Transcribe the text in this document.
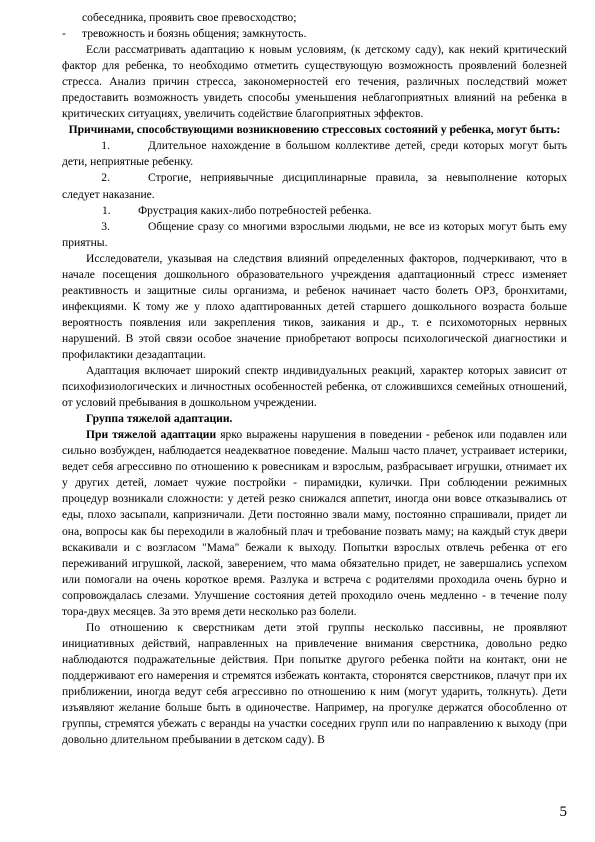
собеседника, проявить свое превосходство;

-	тревожность и боязнь общения; замкнутость.

Если рассматривать адаптацию к новым условиям, (к детскому саду), как некий критический фактор для ребенка, то необходимо отметить существующую возможность проявлений болезней стресса. Анализ причин стресса, закономерностей его течения, различных последствий может предоставить возможность увидеть способы уменьшения неблагоприятных влияний на ребенка в критических ситуациях, увеличить содействие благоприятных эффектов.

Причинами, способствующими возникновению стрессовых состояний у ребенка, могут быть:

1.	Длительное нахождение в большом коллективе детей, среди которых могут быть дети, неприятные ребенку.

2.	Строгие, неприявычные дисциплинарные правила, за невыполнение которых следует наказание.

1. Фрустрация каких-либо потребностей ребенка.

3.	Общение сразу со многими взрослыми людьми, не все из которых могут быть ему приятны.

Исследователи, указывая на следствия влияний определенных факторов, подчеркивают, что в начале посещения дошкольного образовательного учреждения адаптационный стресс изменяет реактивность и защитные силы организма, и ребенок начинает часто болеть ОРЗ, бронхитами, инфекциями. К тому же у плохо адаптированных детей старшего дошкольного возраста больше вероятность появления или закрепления тиков, заикания и др., т. е психомоторных нервных нарушений. В этой связи особое значение приобретают вопросы психологической диагностики и профилактики дезадаптации.

Адаптация включает широкий спектр индивидуальных реакций, характер которых зависит от психофизиологических и личностных особенностей ребенка, от сложившихся семейных отношений, от условий пребывания в дошкольном учреждении.

Группа тяжелой адаптации.

При тяжелой адаптации ярко выражены нарушения в поведении - ребенок или подавлен или сильно возбужден, наблюдается неадекватное поведение. Малыш часто плачет, устраивает истерики, ведет себя агрессивно по отношению к ровесникам и взрослым, разбрасывает игрушки, отнимает их у других детей, ломает чужие постройки - пирамидки, кулички. При соблюдении режимных процедур возникали сложности: у детей резко снижался аппетит, иногда они вовсе отказывались от еды, плохо засыпали, капризничали. Дети постоянно звали маму, постоянно спрашивали, придет ли она, вопросы как бы переходили в жалобный плач и требование позвать маму; на каждый стук двери вскакивали и с возгласом "Мама" бежали к выходу. Попытки взрослых отвлечь ребенка от его переживаний игрушкой, лаской, заверением, что мама обязательно придет, не завершались успехом или помогали на очень короткое время. Разлука и встреча с родителями проходила очень бурно и сопровождалась слезами. Улучшение состояния детей проходило очень медленно - в течение полу тора-двух месяцев. За это время дети несколько раз болели.

По отношению к сверстникам дети этой группы несколько пассивны, не проявляют инициативных действий, направленных на привлечение внимания сверстника, довольно редко наблюдаются подражательные действия. При попытке другого ребенка пойти на контакт, они не поддерживают его намерения и стремятся избежать контакта, сторонятся сверстников, плачут при их приближении, иногда ведут себя агрессивно по отношению к ним (могут ударить, толкнуть). Дети изъявляют желание больше быть в одиночестве. Например, на прогулке держатся обособленно от группы, стремятся убежать с веранды на участки соседних групп или по направлению к выходу (при довольно длительном пребывании в детском саду). В

5
